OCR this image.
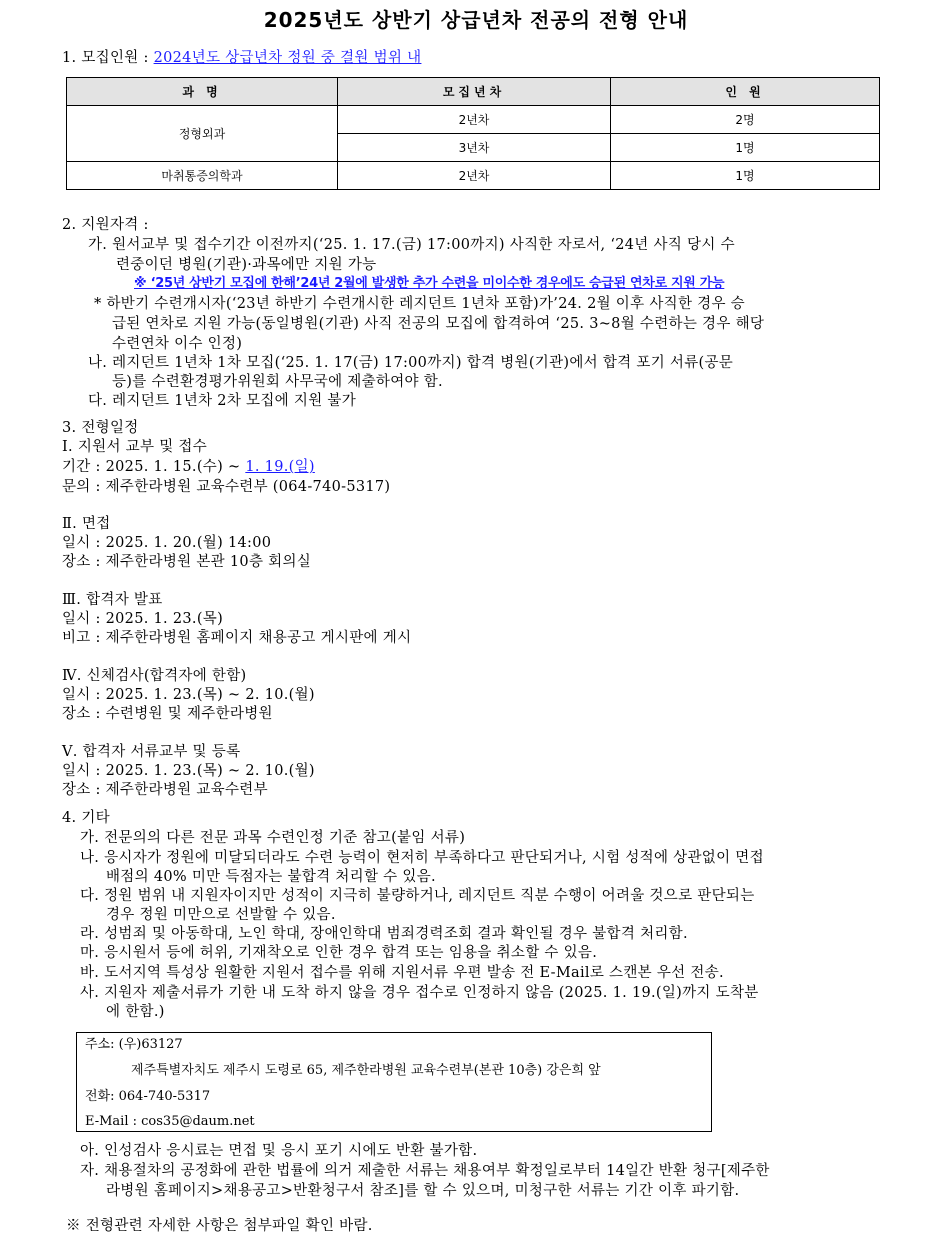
2025년도 상반기 상급년차 전공의 전형 안내
1. 모집인원 : 2024년도 상급년차 정원 중 결원 범위 내
과 명	모집년차	인 원
정형외과	2년차	2명
	3년차	1명
마취통증의학과	2년차	1명
2. 지원자격 :
가. 원서교부 및 접수기간 이전까지(‘25. 1. 17.(금) 17:00까지) 사직한 자로서, ‘24년 사직 당시 수
련중이던 병원(기관)·과목에만 지원 가능
※ ‘25년 상반기 모집에 한해’24년 2월에 발생한 추가 수련을 미이수한 경우에도 승급된 연차로 지원 가능
* 하반기 수련개시자(‘23년 하반기 수련개시한 레지던트 1년차 포함)가’24. 2월 이후 사직한 경우 승
급된 연차로 지원 가능(동일병원(기관) 사직 전공의 모집에 합격하여 ‘25. 3~8월 수련하는 경우 해당
수련연차 이수 인정)
나. 레지던트 1년차 1차 모집(‘25. 1. 17(금) 17:00까지) 합격 병원(기관)에서 합격 포기 서류(공문
등)를 수련환경평가위원회 사무국에 제출하여야 함.
다. 레지던트 1년차 2차 모집에 지원 불가
3. 전형일정
Ⅰ. 지원서 교부 및 접수
기간 : 2025. 1. 15.(수) ~ 1. 19.(일)
문의 : 제주한라병원 교육수련부 (064-740-5317)
Ⅱ. 면접
일시 : 2025. 1. 20.(월) 14:00
장소 : 제주한라병원 본관 10층 회의실
Ⅲ. 합격자 발표
일시 : 2025. 1. 23.(목)
비고 : 제주한라병원 홈페이지 채용공고 게시판에 게시
Ⅳ. 신체검사(합격자에 한함)
일시 : 2025. 1. 23.(목) ~ 2. 10.(월)
장소 : 수련병원 및 제주한라병원
Ⅴ. 합격자 서류교부 및 등록
일시 : 2025. 1. 23.(목) ~ 2. 10.(월)
장소 : 제주한라병원 교육수련부
4. 기타
가. 전문의의 다른 전문 과목 수련인정 기준 참고(붙임 서류)
나. 응시자가 정원에 미달되더라도 수련 능력이 현저히 부족하다고 판단되거나, 시험 성적에 상관없이 면접
배점의 40% 미만 득점자는 불합격 처리할 수 있음.
다. 정원 범위 내 지원자이지만 성적이 지극히 불량하거나, 레지던트 직분 수행이 어려울 것으로 판단되는
경우 정원 미만으로 선발할 수 있음.
라. 성범죄 및 아동학대, 노인 학대, 장애인학대 범죄경력조회 결과 확인될 경우 불합격 처리함.
마. 응시원서 등에 허위, 기재착오로 인한 경우 합격 또는 임용을 취소할 수 있음.
바. 도서지역 특성상 원활한 지원서 접수를 위해 지원서류 우편 발송 전 E-Mail로 스캔본 우선 전송.
사. 지원자 제출서류가 기한 내 도착 하지 않을 경우 접수로 인정하지 않음 (2025. 1. 19.(일)까지 도착분
에 한함.)
주소: (우)63127
제주특별자치도 제주시 도령로 65, 제주한라병원 교육수련부(본관 10층) 강은희 앞
전화: 064-740-5317
E-Mail : cos35@daum.net
아. 인성검사 응시료는 면접 및 응시 포기 시에도 반환 불가함.
자. 채용절차의 공정화에 관한 법률에 의거 제출한 서류는 채용여부 확정일로부터 14일간 반환 청구[제주한
라병원 홈페이지>채용공고>반환청구서 참조]를 할 수 있으며, 미청구한 서류는 기간 이후 파기함.
※ 전형관련 자세한 사항은 첨부파일 확인 바람.
